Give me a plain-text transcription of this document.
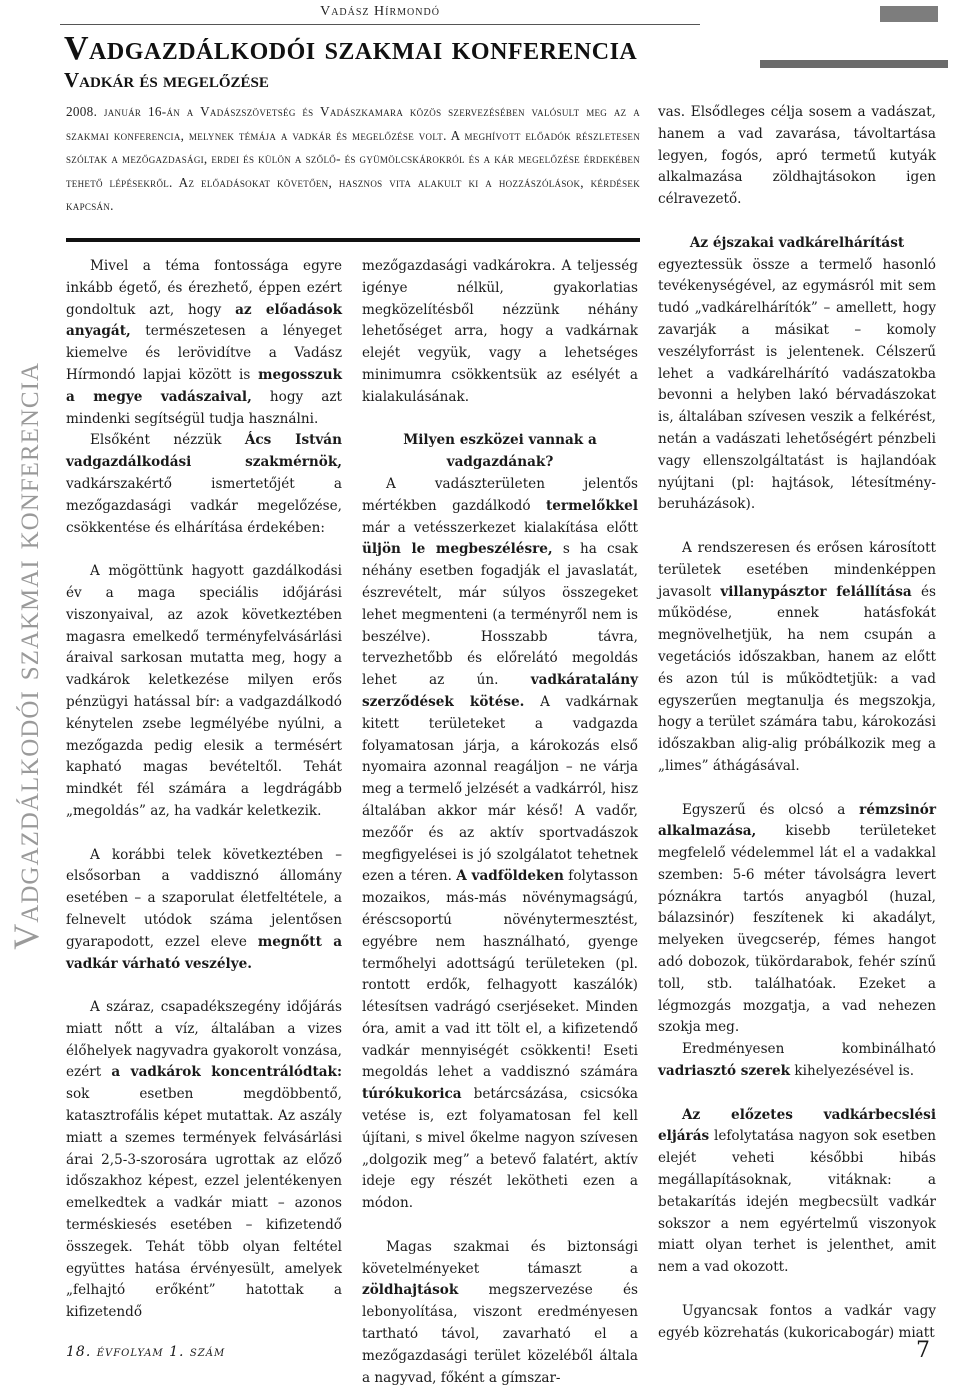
Vadgazdálkodói szakmai konferencia
Vadász Hírmondó
Vadgazdálkodói szakmai konferencia
Vadkár és megelőzése
2008. január 16-án a Vadászszövetség és Vadászkamara közös szervezésében valósult meg az a szakmai konferencia, melynek témája a vadkár és megelőzése volt. A meghívott előadók részletesen szóltak a mezőgazdasági, erdei és külön a szőlő- és gyümölcskárokról és a kár megelőzése érdekében tehető lépésekről. Az előadásokat követően, hasznos vita alakult ki a hozzászólások, kérdések kapcsán.

Mivel a téma fontossága egyre inkább égető, és érezhető, éppen ezért gondoltuk azt, hogy az előadások anyagát, természetesen a lényeget kiemelve és lerövidítve a Vadász Hírmondó lapjai között is megosszuk a megye vadászaival, hogy azt mindenki segítségül tudja használni.

Elsőként nézzük Ács István vadgazdálkodási szakmérnök, vadkárszakértő ismertetőjét a mezőgazdasági vadkár megelőzése, csökkentése és elhárítása érdekében:

A mögöttünk hagyott gazdálkodási év a maga speciális időjárási viszonyaival, az azok következtében magasra emelkedő terményfelvásárlási áraival sarkosan mutatta meg, hogy a vadkárok keletkezése milyen erős pénzügyi hatással bír: a vadgazdálkodó kénytelen zsebe legmélyébe nyúlni, a mezőgazda pedig elesik a termésért kapható magas bevételtől. Tehát mindkét fél számára a legdrágább „megoldás” az, ha vadkár keletkezik.

A korábbi telek következtében – elsősorban a vaddisznó állomány esetében – a szaporulat életfeltétele, a felnevelt utódok száma jelentősen gyarapodott, ezzel eleve megnőtt a vadkár várható veszélye.

A száraz, csapadékszegény időjárás miatt nőtt a víz, általában a vizes élőhelyek nagyvadra gyakorolt vonzása, ezért a vadkárok koncentrálódtak: sok esetben megdöbbentő, katasztrofális képet mutattak. Az aszály miatt a szemes termények felvásárlási árai 2,5-3-szorosára ugrottak az előző időszakhoz képest, ezzel jelentékenyen emelkedtek a vadkár miatt – azonos terméskiesés esetében – kifizetendő összegek. Tehát több olyan feltétel együttes hatása érvényesült, amelyek „felhajtó erőként” hatottak a kifizetendő

mezőgazdasági vadkárokra. A teljesség igénye nélkül, gyakorlatias megközelítésből nézzünk néhány lehetőséget arra, hogy a vadkárnak elejét vegyük, vagy a lehetséges minimumra csökkentsük az esélyét a kialakulásának.

Milyen eszközei vannak a vadgazdának?

A vadászterületen jelentős mértékben gazdálkodó termelőkkel már a vetésszerkezet kialakítása előtt üljön le megbeszélésre, s ha csak néhány esetben fogadják el javaslatát, észrevételt, már súlyos összegeket lehet megmenteni (a terményről nem is beszélve). Hosszabb távra, tervezhetőbb és előrelátó megoldás lehet az ún. vadkáratalány szerződések kötése. A vadkárnak kitett területeket a vadgazda folyamatosan járja, a károkozás első nyomaira azonnal reagáljon – ne várja meg a termelő jelzését a vadkárról, hisz általában akkor már késő! A vadőr, mezőőr és az aktív sportvadászok megfigyelései is jó szolgálatot tehetnek ezen a téren. A vadföldeken folytasson mozaikos, más-más növénymagságú, éréscsoportú növénytermesztést, egyébre nem használható, gyenge termőhelyi adottságú területeken (pl. rontott erdők, felhagyott kaszálók) létesítsen vadrágó cserjéseket. Minden óra, amit a vad itt tölt el, a kifizetendő vadkár mennyiségét csökkenti! Eseti megoldás lehet a vaddisznó számára túrókukorica betárcsázása, csicsóka vetése is, ezt folyamatosan fel kell újítani, s mivel őkelme nagyon szívesen „dolgozik meg” a betevő falatért, aktív ideje egy részét lekötheti ezen a módon.

Magas szakmai és biztonsági követelményeket támaszt a zöldhajtások megszervezése és lebonyolítása, viszont eredményesen tartható távol, zavarható el a mezőgazdasági terület közeléből általa a nagyvad, főként a gímszar-

vas. Elsődleges célja sosem a vadászat, hanem a vad zavarása, távoltartása legyen, fogós, apró termetű kutyák alkalmazása zöldhajtásokon igen célravezető.

Az éjszakai vadkárelhárítást

egyeztessük össze a termelő hasonló tevékenységével, az egymásról mit sem tudó „vadkárelhárítók” – amellett, hogy zavarják a másikat – komoly veszélyforrást is jelentenek. Célszerű lehet a vadkárelhárító vadászatokba bevonni a helyben lakó bérvadászokat is, általában szívesen veszik a felkérést, netán a vadászati lehetőségért pénzbeli vagy ellenszolgáltatást is hajlandóak nyújtani (pl: hajtások, létesítmény-beruházások).

A rendszeresen és erősen károsított területek esetében mindenképpen javasolt villanypásztor felállítása és működése, ennek hatásfokát megnövelhetjük, ha nem csupán a vegetációs időszakban, hanem az előtt és azon túl is működtetjük: a vad egyszerűen megtanulja és megszokja, hogy a terület számára tabu, károkozási időszakban alig-alig próbálkozik meg a „limes” áthágásával.

Egyszerű és olcsó a rémzsinór alkalmazása, kisebb területeket megfelelő védelemmel lát el a vadakkal szemben: 5-6 méter távolságra levert póznákra tartós anyagból (huzal, bálazsinór) feszítenek ki akadályt, melyeken üvegcserép, fémes hangot adó dobozok, tükördarabok, fehér színű toll, stb. találhatóak. Ezeket a légmozgás mozgatja, a vad nehezen szokja meg.

Eredményesen kombinálható vadriasztó szerek kihelyezésével is.

Az előzetes vadkárbecslési eljárás lefolytatása nagyon sok esetben elejét veheti későbbi hibás megállapításoknak, vitáknak: a betakarítás idején megbecsült vadkár sokszor a nem egyértelmű viszonyok miatt olyan terhet is jelenthet, amit nem a vad okozott.

Ugyancsak fontos a vadkár vagy egyéb közrehatás (kukoricabogár) miatt

18. évfolyam 1. szám	7
